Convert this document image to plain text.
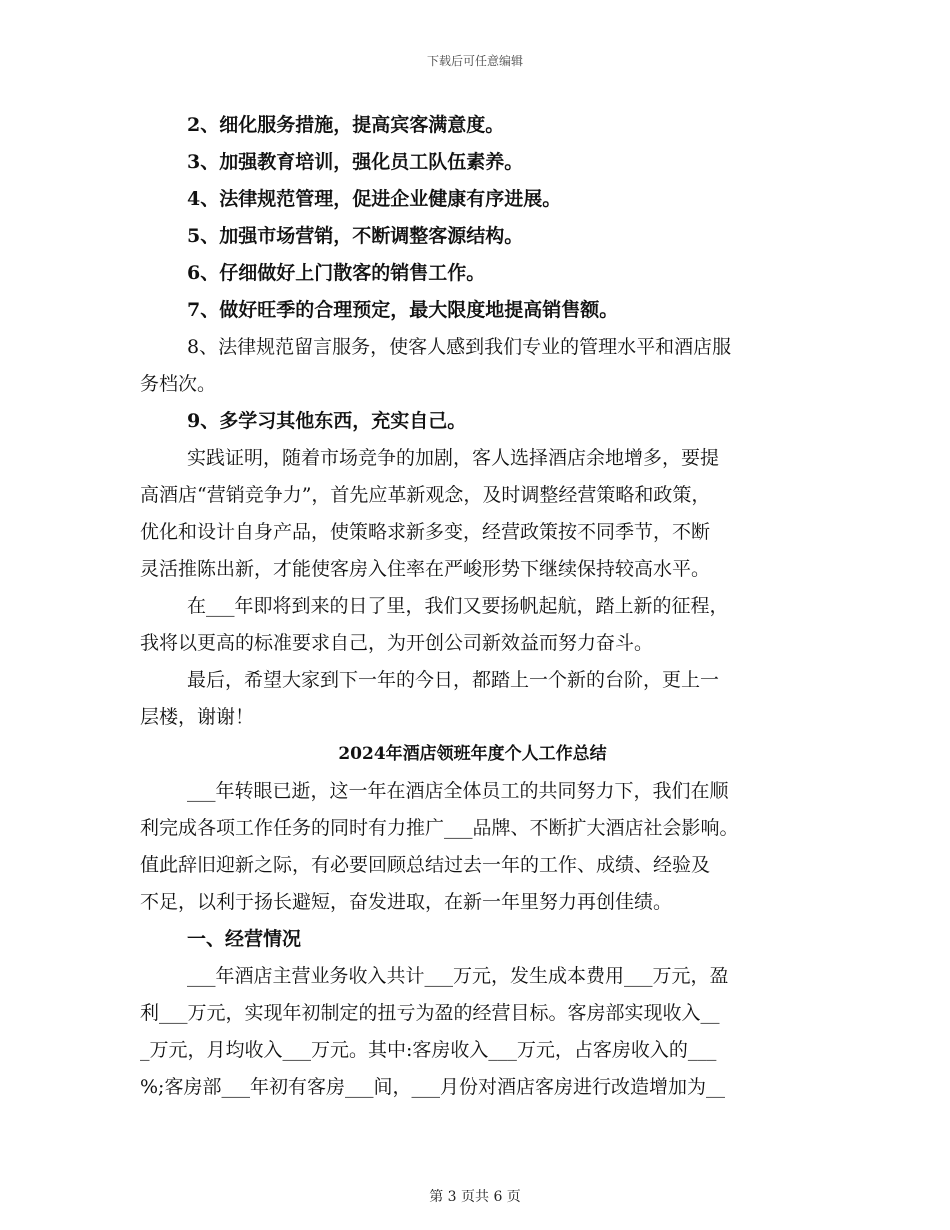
下载后可任意编辑

2、细化服务措施，提高宾客满意度。

3、加强教育培训，强化员工队伍素养。

4、法律规范管理，促进企业健康有序进展。

5、加强市场营销，不断调整客源结构。

6、仔细做好上门散客的销售工作。

7、做好旺季的合理预定，最大限度地提高销售额。

8、法律规范留言服务，使客人感到我们专业的管理水平和酒店服

务档次。

9、多学习其他东西，充实自己。

实践证明，随着市场竞争的加剧，客人选择酒店余地增多，要提

高酒店“营销竞争力”，首先应革新观念，及时调整经营策略和政策，

优化和设计自身产品，使策略求新多变，经营政策按不同季节，不断

灵活推陈出新，才能使客房入住率在严峻形势下继续保持较高水平。

在___年即将到来的日了里，我们又要扬帆起航，踏上新的征程，

我将以更高的标准要求自己，为开创公司新效益而努力奋斗。

最后，希望大家到下一年的今日，都踏上一个新的台阶，更上一

层楼，谢谢！

2024年酒店领班年度个人工作总结

___年转眼已逝，这一年在酒店全体员工的共同努力下，我们在顺

利完成各项工作任务的同时有力推广___品牌、不断扩大酒店社会影响。

值此辞旧迎新之际，有必要回顾总结过去一年的工作、成绩、经验及

不足，以利于扬长避短，奋发进取，在新一年里努力再创佳绩。

一、经营情况

___年酒店主营业务收入共计___万元，发生成本费用___万元，盈

利___万元，实现年初制定的扭亏为盈的经营目标。客房部实现收入__

_万元，月均收入___万元。其中:客房收入___万元，占客房收入的___

%;客房部___年初有客房___间，___月份对酒店客房进行改造增加为__

第 3 页共 6 页
